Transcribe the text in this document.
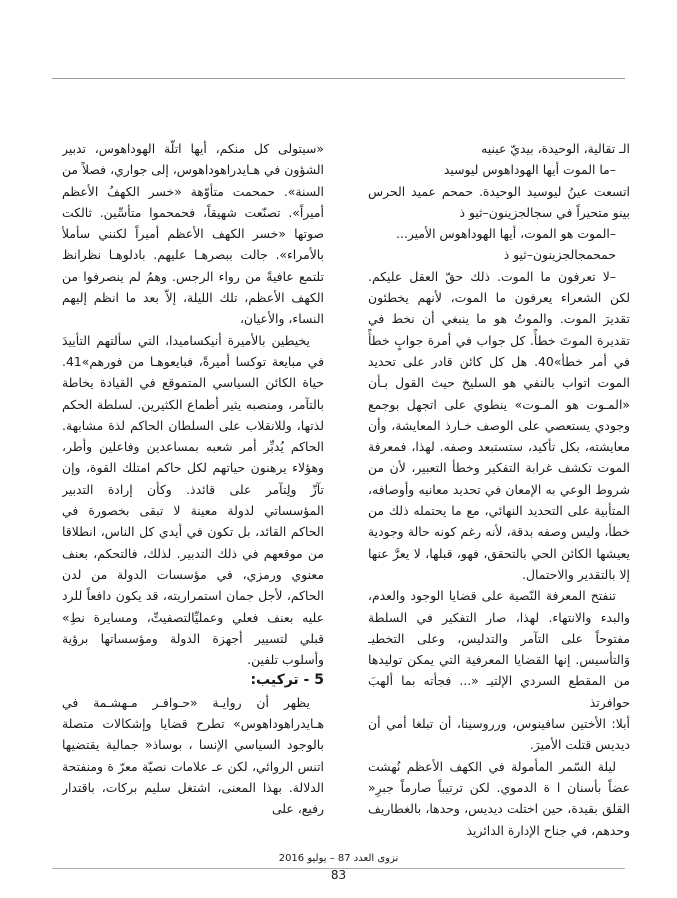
الـ تقالية، الوحيدة، بيديّ عينيه

–ما الموت أيها الهوداهوس ليوسيد

اتسعت عينُ ليوسيد الوحيدة. حمحم عميد الحرس بينو متحيراً في سجالجزينون–ثيو ذ

–الموت هو الموت، أيها الهوداهوس الأمير...

حمحمجالجزينون–ثيو ذ

–لا تعرفون ما الموت. ذلك حقّ العقل عليكم. لكن الشعراء يعرفون ما الموت، لأنهم يخطئون تقديرَ الموت. والموتُ هو ما ينبغي أن نخط في تقديرة الموتَ خطأً. كل جواب في أمرة جوابٍ خطأً في أمر خطأ»40. هل كل كائن قادر على تحديد الموت اتواب بالنفي هو السليخ حيث القول بـأن «المـوت هو المـوت» ينطوي على اتجهل بوجمع وجودي يستعصي على الوصف خـارذ المعايشة، وأن معايشته، بكل تأكيد، ستستبعد وصفه. لهذا، فمعرفة الموت تكشف غرابة التفكير وخطأ التعبير، لأن من شروط الوعي به الإمعان في تحديد معانيه وأوصافه، المتأبية على التحديد النهائي، مع ما يحتمله ذلك من خطأ، وليس وصفه بدقة، لأنه رغم كونه حالة وجودية يعيشها الكائن الحي بالتحقق، فهو، قبلها، لا يعرَّ عنها إلا بالتقدير والاحتمال.

تنفتح المعرفة النّصية على قضايا الوجود والعدم، والبدء والانتهاء. لهذا، صار التفكير في السلطة مفتوحاً على التآمر والتدليس، وعلى التخطيـ وَالتأسيس. إنها القضايا المعرفية التي يمكن توليدها من المقطع السردي الإلتيـ «... فجأته بما ألهبَ حوافرتذ

أبلا: الأختين سافينوس، ورروسينا، أن تبلغا أمي أن ديديس قتلت الأميرَ.

ليلة السّمر المأمولة في الكهف الأعظم نُهشت عضاً بأسنان ا ة الدموي. لكن ترتيباً صارماً جبرِ« القلق بقيدة، حين اختلت ديديس، وحدها، بالغطاريف وحدهم، في جناح الإدارة الدائريذ

«سيتولى كل منكم، أيها اتلّة الهوداهوس، تدبير الشؤون في هـايدراهوداهوس، إلى جواري، فصلاً من السنة». حمحمت متأوّهة «خسر الكهفُ الأعظم أميراً». تصنّعت شهيقاً، فحمحموا متأسِّين. ثالكت صوتها «خسر الكهف الأعظم أميراً لكنني سأملأ بالأمراء». جالت ببصرهـا عليهم. بادلوهـا نظرانظ تلتمع عافيةً من رواء الرجس. وهمُ لم ينصرفوا من الكهف الأعظم، تلك الليلة، إلاّ بعد ما انظم إليهم النساء، والأعيان،

يخيطين بالأميرة أنيكساميدا، التي سألتهم التأييدَ في مبايعة توكسا أميرةً، فبايعوهـا من فورهم»41. حياة الكائن السياسي المتموقع في القيادة يخاطة بالتآمر، ومنصبه يثير أطماع الكثيرين. لسلطة الحكم لذتها، وللانقلاب على السلطان الحاكم لذة مشابهة. الحاكم يُدبِّر أمر شعبه بمساعدين وفاعلين وأطر، وهؤلاء يرهنون حياتهم لكل حاكم امتلك القوة، وإن تآزّ ولِتآمر على قائدذ. وكأن إرادة التدبير المؤسساتي لدولة معينة لا تبقى بخصورة في الحاكم القائد، بل تكون في أيدي كل الناس، انطلاقا من موقعهم في ذلك التدبير. لذلك، فالتحكم، بعنف معنوي ورمزي، في مؤسسات الدولة من لدن الحاكم، لأجل جمان استمراريته، قد يكون دافعاً للرد عليه بعنف فعلي وعمليِّالتصفيتِّ، ومسايرة نطِ» قبلي لتسيير أجهزة الدولة ومؤسساتها برؤية وأسلوب تلفين.

5 - تركيب:

يظهر أن روايـة «حـوافـر مـهشـمة في هـايدراهوداهوس» تطرح قضايا وإشكالات متصلة بالوجود السياسي الإنسا ، بوساذ« جمالية يقتضيها اتنس الروائي، لكن عـ علامات نصيّة معرّ ة ومنفتحة الدلالة. بهذا المعنى، اشتغل سليم بركات، باقتدار رفيع، على

نزوى العدد 87 – يوليو 2016
83
